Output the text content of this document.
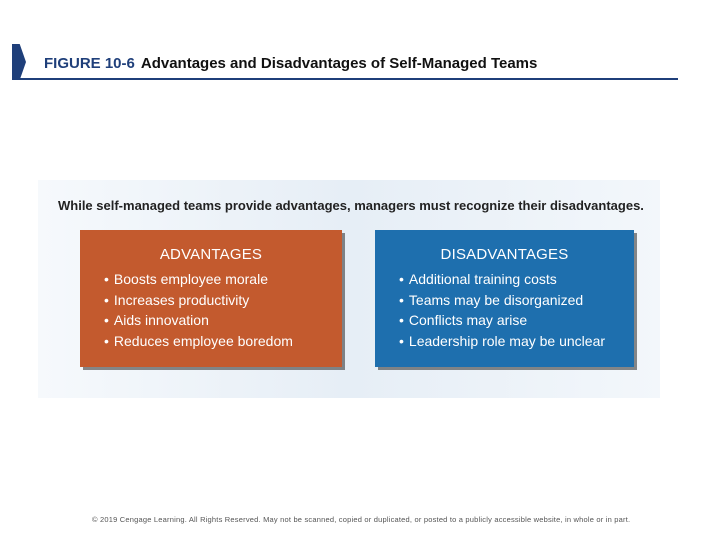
FIGURE 10-6 Advantages and Disadvantages of Self-Managed Teams
While self-managed teams provide advantages, managers must recognize their disadvantages.
ADVANTAGES
• Boosts employee morale
• Increases productivity
• Aids innovation
• Reduces employee boredom
DISADVANTAGES
• Additional training costs
• Teams may be disorganized
• Conflicts may arise
• Leadership role may be unclear
© 2019 Cengage Learning. All Rights Reserved. May not be scanned, copied or duplicated, or posted to a publicly accessible website, in whole or in part.
